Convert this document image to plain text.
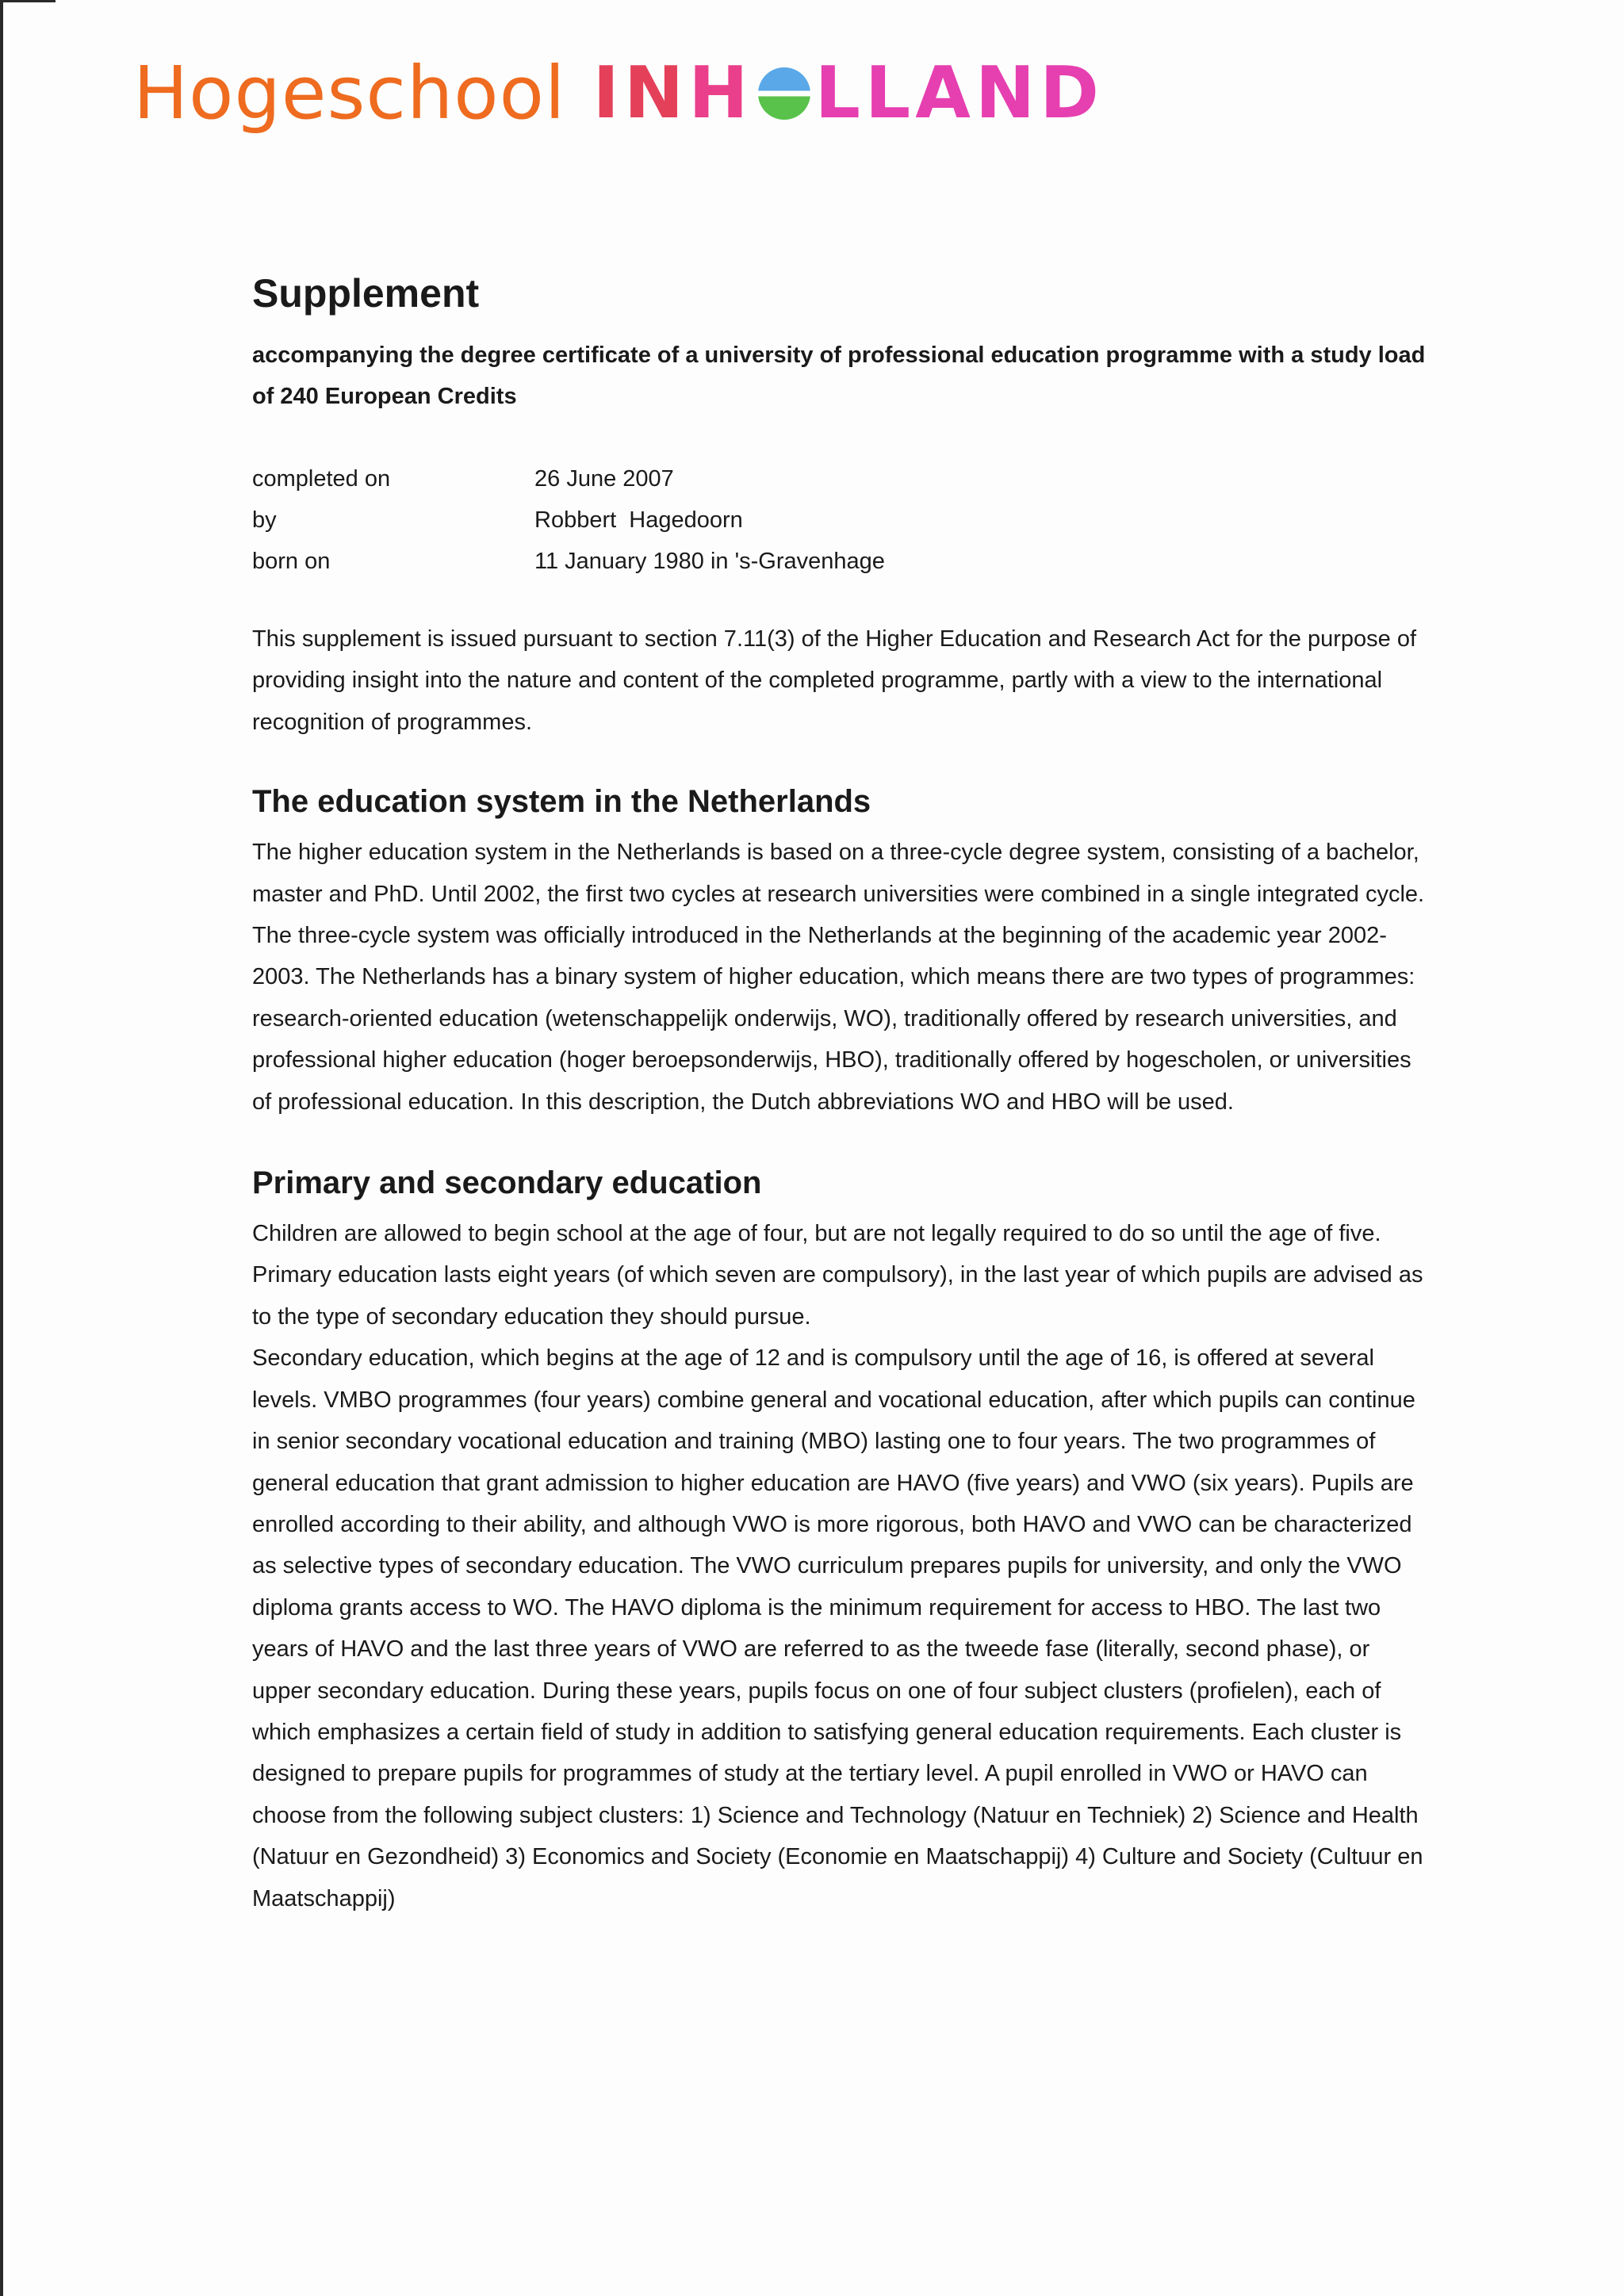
Hogeschool IN H LLAND
Supplement
accompanying the degree certificate of a university of professional education programme with a study load of 240 European Credits
completed on	26 June 2007
by	Robbert  Hagedoorn
born on	11 January 1980 in 's-Gravenhage

This supplement is issued pursuant to section 7.11(3) of the Higher Education and Research Act for the purpose of providing insight into the nature and content of the completed programme, partly with a view to the international recognition of programmes.

The education system in the Netherlands

The higher education system in the Netherlands is based on a three-cycle degree system, consisting of a bachelor, master and PhD. Until 2002, the first two cycles at research universities were combined in a single integrated cycle. The three-cycle system was officially introduced in the Netherlands at the beginning of the academic year 2002-2003. The Netherlands has a binary system of higher education, which means there are two types of programmes: research-oriented education (wetenschappelijk onderwijs, WO), traditionally offered by research universities, and professional higher education (hoger beroepsonderwijs, HBO), traditionally offered by hogescholen, or universities of professional education. In this description, the Dutch abbreviations WO and HBO will be used.

Primary and secondary education

Children are allowed to begin school at the age of four, but are not legally required to do so until the age of five. Primary education lasts eight years (of which seven are compulsory), in the last year of which pupils are advised as to the type of secondary education they should pursue.

Secondary education, which begins at the age of 12 and is compulsory until the age of 16, is offered at several levels. VMBO programmes (four years) combine general and vocational education, after which pupils can continue in senior secondary vocational education and training (MBO) lasting one to four years. The two programmes of general education that grant admission to higher education are HAVO (five years) and VWO (six years). Pupils are enrolled according to their ability, and although VWO is more rigorous, both HAVO and VWO can be characterized as selective types of secondary education. The VWO curriculum prepares pupils for university, and only the VWO diploma grants access to WO. The HAVO diploma is the minimum requirement for access to HBO. The last two years of HAVO and the last three years of VWO are referred to as the tweede fase (literally, second phase), or upper secondary education. During these years, pupils focus on one of four subject clusters (profielen), each of which emphasizes a certain field of study in addition to satisfying general education requirements. Each cluster is designed to prepare pupils for programmes of study at the tertiary level. A pupil enrolled in VWO or HAVO can choose from the following subject clusters: 1) Science and Technology (Natuur en Techniek) 2) Science and Health (Natuur en Gezondheid) 3) Economics and Society (Economie en Maatschappij) 4) Culture and Society (Cultuur en Maatschappij)
